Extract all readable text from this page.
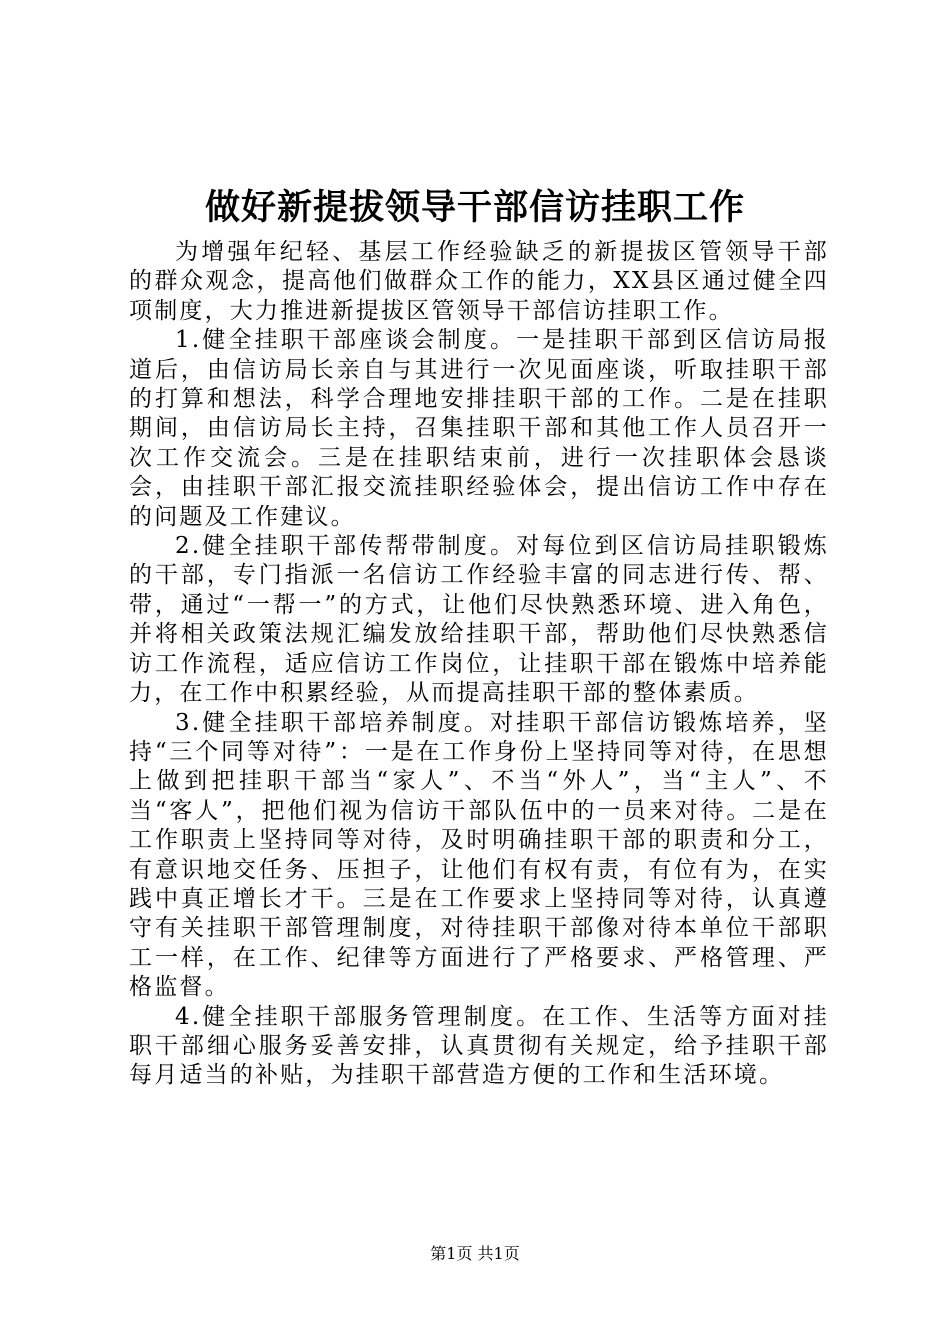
做好新提拔领导干部信访挂职工作

为增强年纪轻、基层工作经验缺乏的新提拔区管领导干部的群众观念，提高他们做群众工作的能力，XX县区通过健全四项制度，大力推进新提拔区管领导干部信访挂职工作。

1.健全挂职干部座谈会制度。一是挂职干部到区信访局报道后，由信访局长亲自与其进行一次见面座谈，听取挂职干部的打算和想法，科学合理地安排挂职干部的工作。二是在挂职期间，由信访局长主持，召集挂职干部和其他工作人员召开一次工作交流会。三是在挂职结束前，进行一次挂职体会恳谈会，由挂职干部汇报交流挂职经验体会，提出信访工作中存在的问题及工作建议。

2.健全挂职干部传帮带制度。对每位到区信访局挂职锻炼的干部，专门指派一名信访工作经验丰富的同志进行传、帮、带，通过“一帮一”的方式，让他们尽快熟悉环境、进入角色，并将相关政策法规汇编发放给挂职干部，帮助他们尽快熟悉信访工作流程，适应信访工作岗位，让挂职干部在锻炼中培养能力，在工作中积累经验，从而提高挂职干部的整体素质。

3.健全挂职干部培养制度。对挂职干部信访锻炼培养，坚持“三个同等对待”：一是在工作身份上坚持同等对待，在思想上做到把挂职干部当“家人”、不当“外人”，当“主人”、不当“客人”，把他们视为信访干部队伍中的一员来对待。二是在工作职责上坚持同等对待，及时明确挂职干部的职责和分工，有意识地交任务、压担子，让他们有权有责，有位有为，在实践中真正增长才干。三是在工作要求上坚持同等对待，认真遵守有关挂职干部管理制度，对待挂职干部像对待本单位干部职工一样，在工作、纪律等方面进行了严格要求、严格管理、严格监督。

4.健全挂职干部服务管理制度。在工作、生活等方面对挂职干部细心服务妥善安排，认真贯彻有关规定，给予挂职干部每月适当的补贴，为挂职干部营造方便的工作和生活环境。

第1页 共1页
